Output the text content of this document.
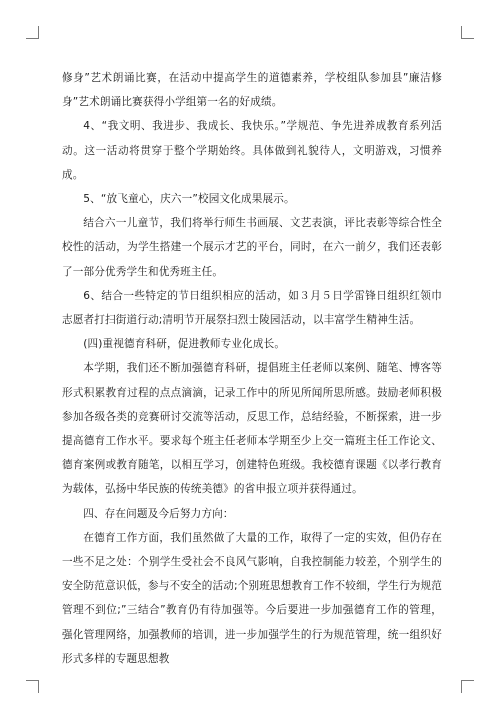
修身”艺术朗诵比赛，在活动中提高学生的道德素养，学校组队参加县”廉洁修身”艺术朗诵比赛获得小学组第一名的好成绩。

4、“我文明、我进步、我成长、我快乐。”学规范、争先进养成教育系列活动。这一活动将贯穿于整个学期始终。具体做到礼貌待人，文明游戏，习惯养成。

5、“放飞童心，庆六一”校园文化成果展示。

结合六一儿童节，我们将举行师生书画展、文艺表演，评比表彰等综合性全校性的活动，为学生搭建一个展示才艺的平台，同时，在六一前夕，我们还表彰了一部分优秀学生和优秀班主任。

6、结合一些特定的节日组织相应的活动，如３月５日学雷锋日组织红领巾志愿者打扫街道行动;清明节开展祭扫烈士陵园活动，以丰富学生精神生活。

(四)重视德育科研，促进教师专业化成长。

本学期，我们还不断加强德育科研，提倡班主任老师以案例、随笔、博客等形式积累教育过程的点点滴滴，记录工作中的所见所闻所思所感。鼓励老师积极参加各级各类的竞赛研讨交流等活动，反思工作，总结经验，不断探索，进一步提高德育工作水平。要求每个班主任老师本学期至少上交一篇班主任工作论文、德育案例或教育随笔，以相互学习，创建特色班级。我校德育课题《以孝行教育为载体，弘扬中华民族的传统美德》的省申报立项并获得通过。

四、存在问题及今后努力方向：

在德育工作方面，我们虽然做了大量的工作，取得了一定的实效，但仍存在一些不足之处：个别学生受社会不良风气影响，自我控制能力较差，个别学生的安全防范意识低，参与不安全的活动;个别班思想教育工作不较细，学生行为规范管理不到位;”三结合”教育仍有待加强等。今后要进一步加强德育工作的管理，强化管理网络，加强教师的培训，进一步加强学生的行为规范管理，统一组织好形式多样的专题思想教
